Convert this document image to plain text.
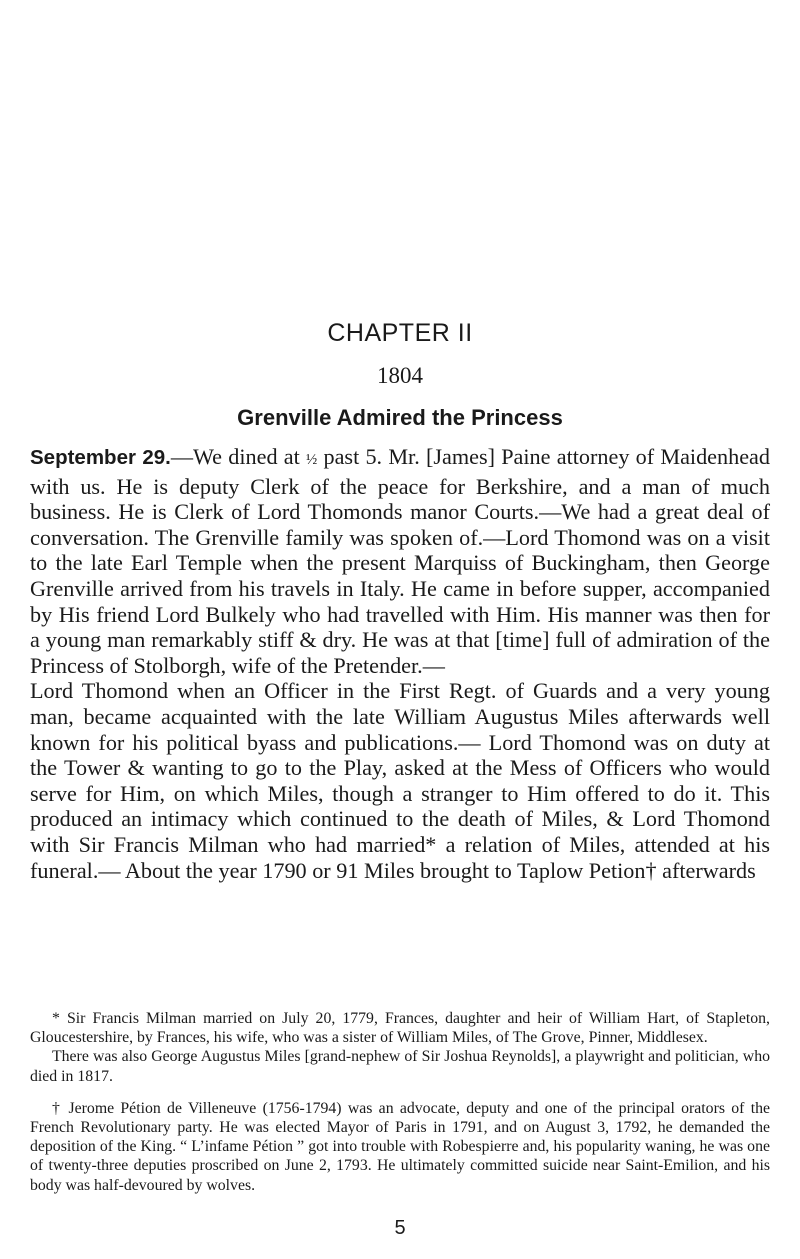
CHAPTER II
1804
Grenville Admired the Princess

September 29.—We dined at ½ past 5. Mr. [James] Paine attorney of Maidenhead with us. He is deputy Clerk of the peace for Berkshire, and a man of much business. He is Clerk of Lord Thomonds manor Courts.—We had a great deal of conversation. The Grenville family was spoken of.—Lord Thomond was on a visit to the late Earl Temple when the present Marquiss of Buckingham, then George Grenville arrived from his travels in Italy. He came in before supper, accompanied by His friend Lord Bulkely who had travelled with Him. His manner was then for a young man remarkably stiff & dry. He was at that [time] full of admiration of the Princess of Stolborgh, wife of the Pretender.—

Lord Thomond when an Officer in the First Regt. of Guards and a very young man, became acquainted with the late William Augustus Miles afterwards well known for his political byass and publications.— Lord Thomond was on duty at the Tower & wanting to go to the Play, asked at the Mess of Officers who would serve for Him, on which Miles, though a stranger to Him offered to do it. This produced an intimacy which continued to the death of Miles, & Lord Thomond with Sir Francis Milman who had married* a relation of Miles, attended at his funeral.— About the year 1790 or 91 Miles brought to Taplow Petion† afterwards

* Sir Francis Milman married on July 20, 1779, Frances, daughter and heir of William Hart, of Stapleton, Gloucestershire, by Frances, his wife, who was a sister of William Miles, of The Grove, Pinner, Middlesex.

There was also George Augustus Miles [grand-nephew of Sir Joshua Reynolds], a playwright and politician, who died in 1817.

† Jerome Pétion de Villeneuve (1756-1794) was an advocate, deputy and one of the principal orators of the French Revolutionary party. He was elected Mayor of Paris in 1791, and on August 3, 1792, he demanded the deposition of the King. “ L’infame Pétion ” got into trouble with Robespierre and, his popularity waning, he was one of twenty-three deputies proscribed on June 2, 1793. He ultimately committed suicide near Saint-Emilion, and his body was half-devoured by wolves.

5
